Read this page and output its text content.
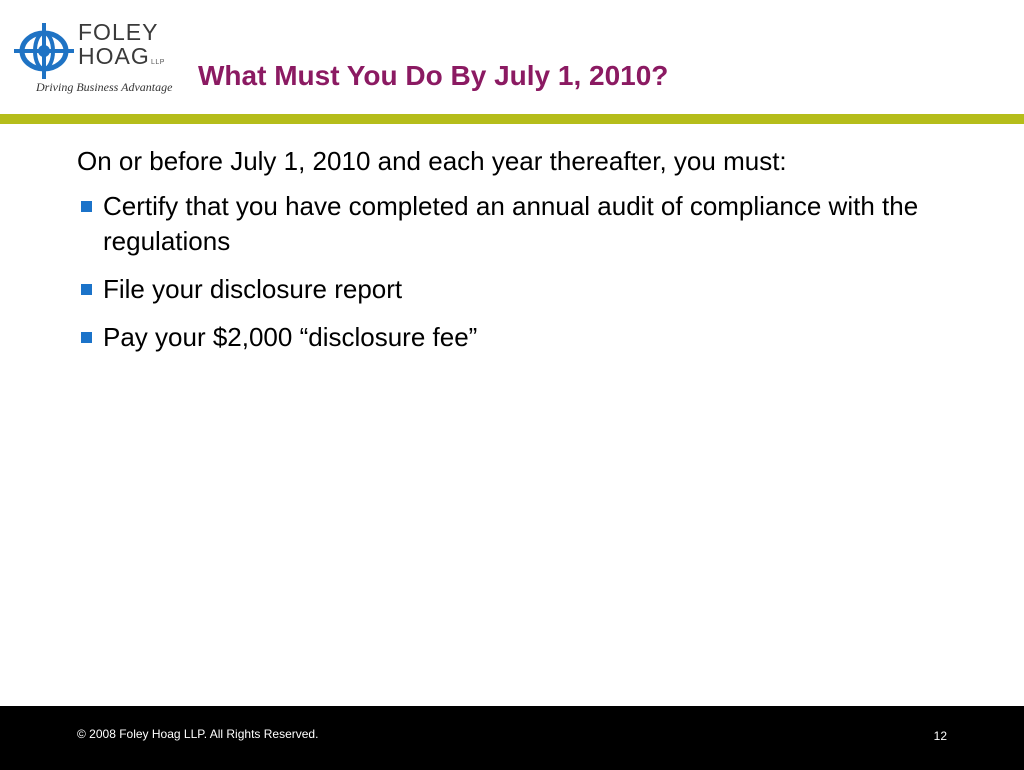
FOLEY
HOAG LLP
Driving Business Advantage What Must You Do By July 1, 2010?

On or before July 1, 2010 and each year thereafter, you must:

Certify that you have completed an annual audit of compliance with the regulations
File your disclosure report
Pay your $2,000 “disclosure fee”
© 2008 Foley Hoag LLP. All Rights Reserved.	12
